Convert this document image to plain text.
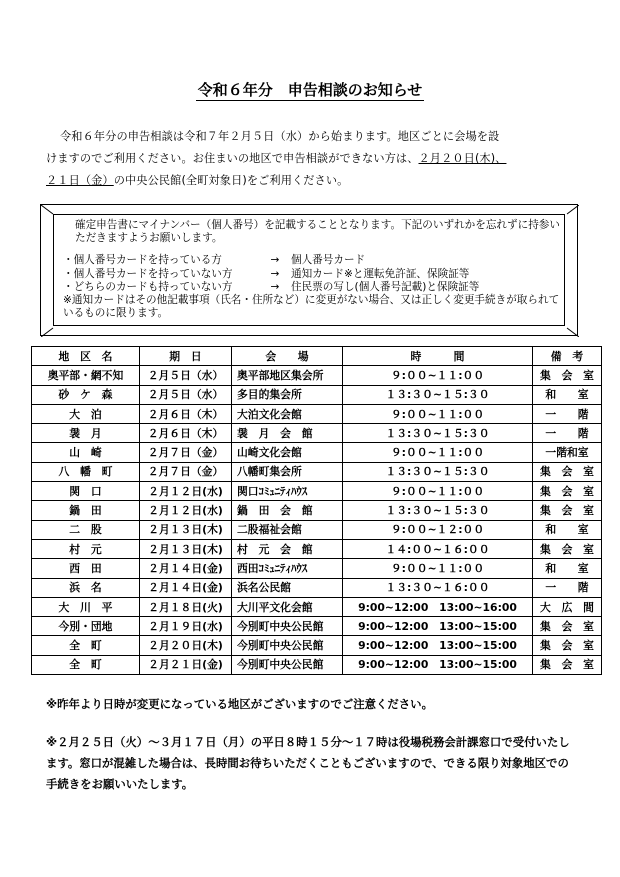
令和６年分　申告相談のお知らせ
令和６年分の申告相談は令和７年２月５日（水）から始まります。地区ごとに会場を設
けますのでご利用ください。お住まいの地区で申告相談ができない方は、２月２０日(木)、
２１日（金）の中央公民館(全町対象日)をご利用ください。
確定申告書にマイナンバー（個人番号）を記載することとなります。下記のいずれかを忘れずに持参いただきますようお願いします。
・個人番号カードを持っている方	→	個人番号カード
・個人番号カードを持っていない方	→	通知カード※と運転免許証、保険証等
・どちらのカードも持っていない方	→	住民票の写し(個人番号記載)と保険証等
※通知カードはその他記載事項（氏名・住所など）に変更がない場合、又は正しく変更手続きが取られているものに限ります。
地　区　名	期　日	会　　場	時　　　間	備　考
奥平部・網不知	２月５日（水）	奥平部地区集会所	９:００~１１:００	集　会　室
砂　ケ　森	２月５日（水）	多目的集会所	１３:３０~１５:３０	和　　室
大　泊	２月６日（木）	大泊文化会館	９:００~１１:００	一　　階
袰　月	２月６日（木）	袰　月　会　館	１３:３０~１５:３０	一　　階
山　崎	２月７日（金）	山崎文化会館	９:００~１１:００	一階和室
八　幡　町	２月７日（金）	八幡町集会所	１３:３０~１５:３０	集　会　室
関　口	２月１２日(水)	関口ｺﾐｭﾆﾃｨﾊｳｽ	９:００~１１:００	集　会　室
鍋　田	２月１２日(水)	鍋　田　会　館	１３:３０~１５:３０	集　会　室
二　股	２月１３日(木)	二股福祉会館	９:００~１２:００	和　　室
村　元	２月１３日(木)	村　元　会　館	１４:００~１６:００	集　会　室
西　田	２月１４日(金)	西田ｺﾐｭﾆﾃｨﾊｳｽ	９:００~１１:００	和　　室
浜　名	２月１４日(金)	浜名公民館	１３:３０~１６:００	一　　階
大　川　平	２月１８日(火)	大川平文化会館	9:00~12:00　13:00~16:00	大　広　間
今別・団地	２月１９日(水)	今別町中央公民館	9:00~12:00　13:00~15:00	集　会　室
全　町	２月２０日(木)	今別町中央公民館	9:00~12:00　13:00~15:00	集　会　室
全　町	２月２１日(金)	今別町中央公民館	9:00~12:00　13:00~15:00	集　会　室
※昨年より日時が変更になっている地区がございますのでご注意ください。
※２月２５日（火）～３月１７日（月）の平日８時１５分～１７時は役場税務会計課窓口で受付いたします。窓口が混雑した場合は、長時間お待ちいただくこともございますので、できる限り対象地区での手続きをお願いいたします。
